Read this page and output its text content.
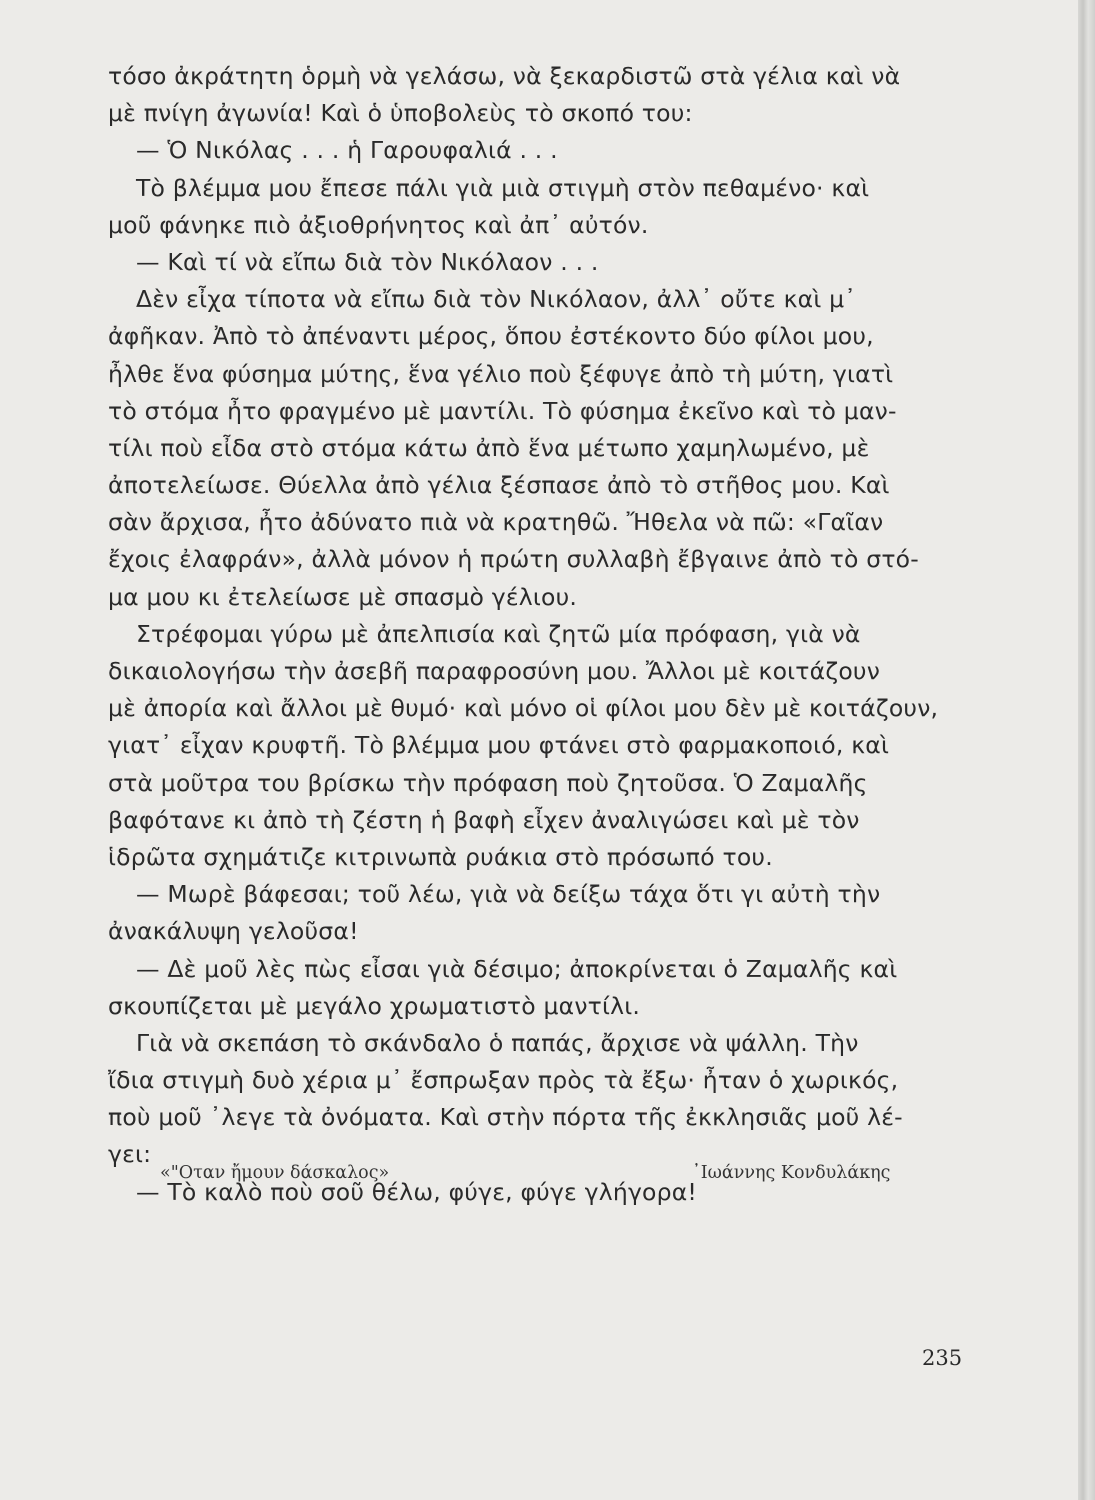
τόσο ἀκράτητη ὁρμὴ νὰ γελάσω, νὰ ξεκαρδιστῶ στὰ γέλια καὶ νὰ
μὲ πνίγη ἀγωνία! Καὶ ὁ ὑποβολεὺς τὸ σκοπό του:
— Ὁ Νικόλας . . . ἡ Γαρουφαλιά . . .
Τὸ βλέμμα μου ἔπεσε πάλι γιὰ μιὰ στιγμὴ στὸν πεθαμένο· καὶ
μοῦ φάνηκε πιὸ ἀξιοθρήνητος καὶ ἀπ᾿ αὐτόν.
— Καὶ τί νὰ εἴπω διὰ τὸν Νικόλαον . . .
Δὲν εἶχα τίποτα νὰ εἴπω διὰ τὸν Νικόλαον, ἀλλ᾿ οὔτε καὶ μ᾿
ἀφῆκαν. Ἀπὸ τὸ ἀπέναντι μέρος, ὅπου ἐστέκοντο δύο φίλοι μου,
ἦλθε ἕνα φύσημα μύτης, ἕνα γέλιο ποὺ ξέφυγε ἀπὸ τὴ μύτη, γιατὶ
τὸ στόμα ἦτο φραγμένο μὲ μαντίλι. Τὸ φύσημα ἐκεῖνο καὶ τὸ μαν-
τίλι ποὺ εἶδα στὸ στόμα κάτω ἀπὸ ἕνα μέτωπο χαμηλωμένο, μὲ
ἀποτελείωσε. Θύελλα ἀπὸ γέλια ξέσπασε ἀπὸ τὸ στῆθος μου. Καὶ
σὰν ἄρχισα, ἦτο ἀδύνατο πιὰ νὰ κρατηθῶ. Ἤθελα νὰ πῶ: «Γαῖαν
ἔχοις ἐλαφράν», ἀλλὰ μόνον ἡ πρώτη συλλαβὴ ἔβγαινε ἀπὸ τὸ στό-
μα μου κι ἐτελείωσε μὲ σπασμὸ γέλιου.
Στρέφομαι γύρω μὲ ἀπελπισία καὶ ζητῶ μία πρόφαση, γιὰ νὰ
δικαιολογήσω τὴν ἀσεβῆ παραφροσύνη μου. Ἄλλοι μὲ κοιτάζουν
μὲ ἀπορία καὶ ἄλλοι μὲ θυμό· καὶ μόνο οἱ φίλοι μου δὲν μὲ κοιτάζουν,
γιατ᾿ εἶχαν κρυφτῆ. Τὸ βλέμμα μου φτάνει στὸ φαρμακοποιό, καὶ
στὰ μοῦτρα του βρίσκω τὴν πρόφαση ποὺ ζητοῦσα. Ὁ Ζαμαλῆς
βαφότανε κι ἀπὸ τὴ ζέστη ἡ βαφὴ εἶχεν ἀναλιγώσει καὶ μὲ τὸν
ἱδρῶτα σχημάτιζε κιτρινωπὰ ρυάκια στὸ πρόσωπό του.
— Μωρὲ βάφεσαι; τοῦ λέω, γιὰ νὰ δείξω τάχα ὅτι γι αὐτὴ τὴν
ἀνακάλυψη γελοῦσα!
— Δὲ μοῦ λὲς πὼς εἶσαι γιὰ δέσιμο; ἀποκρίνεται ὁ Ζαμαλῆς καὶ
σκουπίζεται μὲ μεγάλο χρωματιστὸ μαντίλι.
Γιὰ νὰ σκεπάση τὸ σκάνδαλο ὁ παπάς, ἄρχισε νὰ ψάλλη. Τὴν
ἴδια στιγμὴ δυὸ χέρια μ᾿ ἔσπρωξαν πρὸς τὰ ἔξω· ἦταν ὁ χωρικός,
ποὺ μοῦ ᾿λεγε τὰ ὀνόματα. Καὶ στὴν πόρτα τῆς ἐκκλησιᾶς μοῦ λέ-
γει:
— Τὸ καλὸ ποὺ σοῦ θέλω, φύγε, φύγε γλήγορα!
«"Οταν ἤμουν δάσκαλος»	᾿Ιωάννης Κονδυλάκης
235
